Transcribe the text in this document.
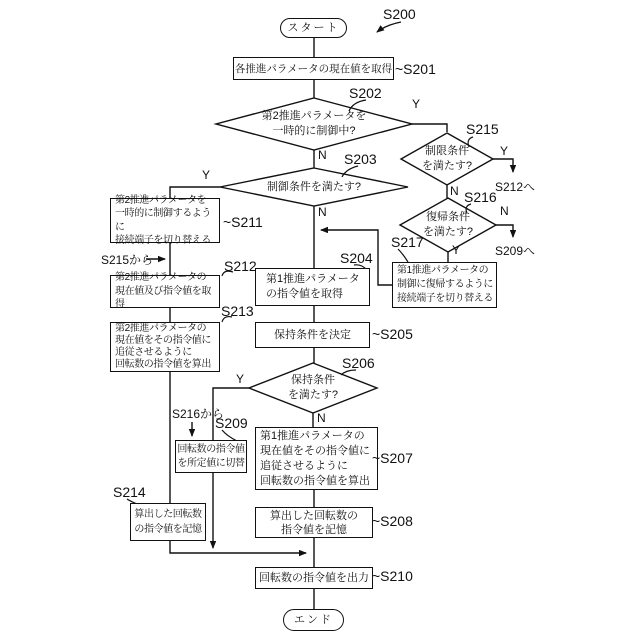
スタート
エンド
各推進パラメータの現在値を取得
第1推進パラメータ
の指令値を取得
保持条件を決定
第1推進パラメータの
現在値をその指令値に
追従させるように
回転数の指令値を算出
算出した回転数の
指令値を記憶
回転数の指令値
を所定値に切替
回転数の指令値を出力
第2推進パラメータを
一時的に制御するように
接続端子を切り替える
第2推進パラメータの
現在値及び指令値を取得
第2推進パラメータの
現在値をその指令値に
追従させるように
回転数の指令値を算出
算出した回転数
の指令値を記憶
第1推進パラメータの
制御に復帰するように
接続端子を切り替える
第2推進パラメータを
一時的に制御中?
制御条件を満たす?
制限条件
を満たす?
復帰条件
を満たす?
保持条件
を満たす?
S200
~S201
S202
S203
S204
~S205
S206
~S207
~S208
S209
~S210
~S211
S212
S213
S214
S215
S216
S217
Y
N
Y
N
Y
N
N
Y
Y
N
S212へ
S209へ
S215から
S216から
